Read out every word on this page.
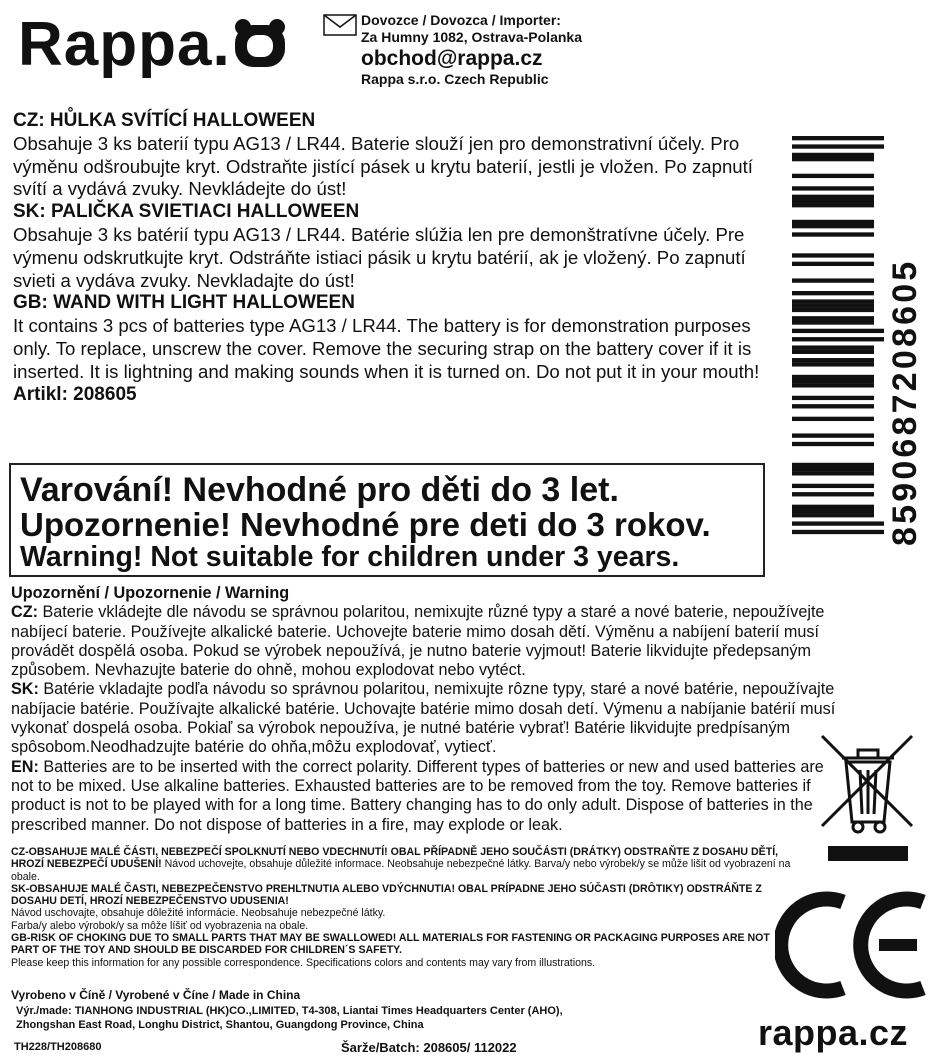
Rappa.	Dovozce / Dovozca / Importer:
Za Humny 1082, Ostrava-Polanka
obchod@rappa.cz
Rappa s.r.o. Czech Republic
CZ: HŮLKA SVÍTÍCÍ HALLOWEEN
Obsahuje 3 ks baterií typu AG13 / LR44. Baterie slouží jen pro demonstrativní účely. Pro výměnu odšroubujte kryt. Odstraňte jistící pásek u krytu baterií, jestli je vložen. Po zapnutí svítí a vydává zvuky. Nevkládejte do úst!
SK: PALIČKA SVIETIACI HALLOWEEN
Obsahuje 3 ks batérií typu AG13 / LR44. Batérie slúžia len pre demonštratívne účely. Pre výmenu odskrutkujte kryt. Odstráňte istiaci pásik u krytu batérií, ak je vložený. Po zapnutí svieti a vydáva zvuky. Nevkladajte do úst!
GB: WAND WITH LIGHT HALLOWEEN
It contains 3 pcs of batteries type AG13 / LR44. The battery is for demonstration purposes only. To replace, unscrew the cover. Remove the securing strap on the battery cover if it is inserted. It is lightning and making sounds when it is turned on. Do not put it in your mouth!
Artikl: 208605	8590687208605
Varování! Nevhodné pro děti do 3 let.
Upozornenie! Nevhodné pre deti do 3 rokov.
Warning! Not suitable for children under 3 years.
Upozornění / Upozornenie / Warning
CZ: Baterie vkládejte dle návodu se správnou polaritou, nemixujte různé typy a staré a nové baterie, nepoužívejte nabíjecí baterie. Používejte alkalické baterie. Uchovejte baterie mimo dosah dětí. Výměnu a nabíjení baterií musí provádět dospělá osoba. Pokud se výrobek nepoužívá, je nutno baterie vyjmout! Baterie likvidujte předepsaným způsobem. Nevhazujte baterie do ohně, mohou explodovat nebo vytéct.
SK: Batérie vkladajte podľa návodu so správnou polaritou, nemixujte rôzne typy, staré a nové batérie, nepoužívajte nabíjacie batérie. Používajte alkalické batérie. Uchovajte batérie mimo dosah detí. Výmenu a nabíjanie batérií musí vykonať dospelá osoba. Pokiaľ sa výrobok nepoužíva, je nutné batérie vybrať! Batérie likvidujte predpísaným spôsobom.Neodhadzujte batérie do ohňa,môžu explodovať, vytiecť.
EN: Batteries are to be inserted with the correct polarity. Different types of batteries or new and used batteries are not to be mixed. Use alkaline batteries. Exhausted batteries are to be removed from the toy. Remove batteries if product is not to be played with for a long time. Battery changing has to do only adult. Dispose of batteries in the prescribed manner. Do not dispose of batteries in a fire, may explode or leak.
CZ-OBSAHUJE MALÉ ČÁSTI, NEBEZPEČÍ SPOLKNUTÍ NEBO VDECHNUTÍ! OBAL PŘÍPADNĚ JEHO SOUČÁSTI (DRÁTKY) ODSTRAŇTE Z DOSAHU DĚTÍ, HROZÍ NEBEZPEČÍ UDUŠENÍ! Návod uchovejte, obsahuje důležité informace. Neobsahuje nebezpečné látky. Barva/y nebo výrobek/y se může lišit od vyobrazení na obale.
SK-OBSAHUJE MALÉ ČASTI, NEBEZPEČENSTVO PREHLTNUTIA ALEBO VDÝCHNUTIA! OBAL PRÍPADNE JEHO SÚČASTI (DRÔTIKY) ODSTRÁŇTE Z DOSAHU DETÍ, HROZÍ NEBEZPEČENSTVO UDUSENIA!
Návod uschovajte, obsahuje dôležité informácie. Neobsahuje nebezpečné látky.
Farba/y alebo výrobok/y sa môže líšiť od vyobrazenia na obale.
GB-RISK OF CHOKING DUE TO SMALL PARTS THAT MAY BE SWALLOWED! ALL MATERIALS FOR FASTENING OR PACKAGING PURPOSES ARE NOT PART OF THE TOY AND SHOULD BE DISCARDED FOR CHILDREN´S SAFETY.
Please keep this information for any possible correspondence. Specifications colors and contents may vary from illustrations.
Vyrobeno v Číně / Vyrobené v Číne / Made in China
Výr./made: TIANHONG INDUSTRIAL (HK)CO.,LIMITED, T4-308, Liantai Times Headquarters Center (AHO),
Zhongshan East Road, Longhu District, Shantou, Guangdong Province, China
TH228/TH208680	Šarže/Batch: 208605/ 112022	rappa.cz
